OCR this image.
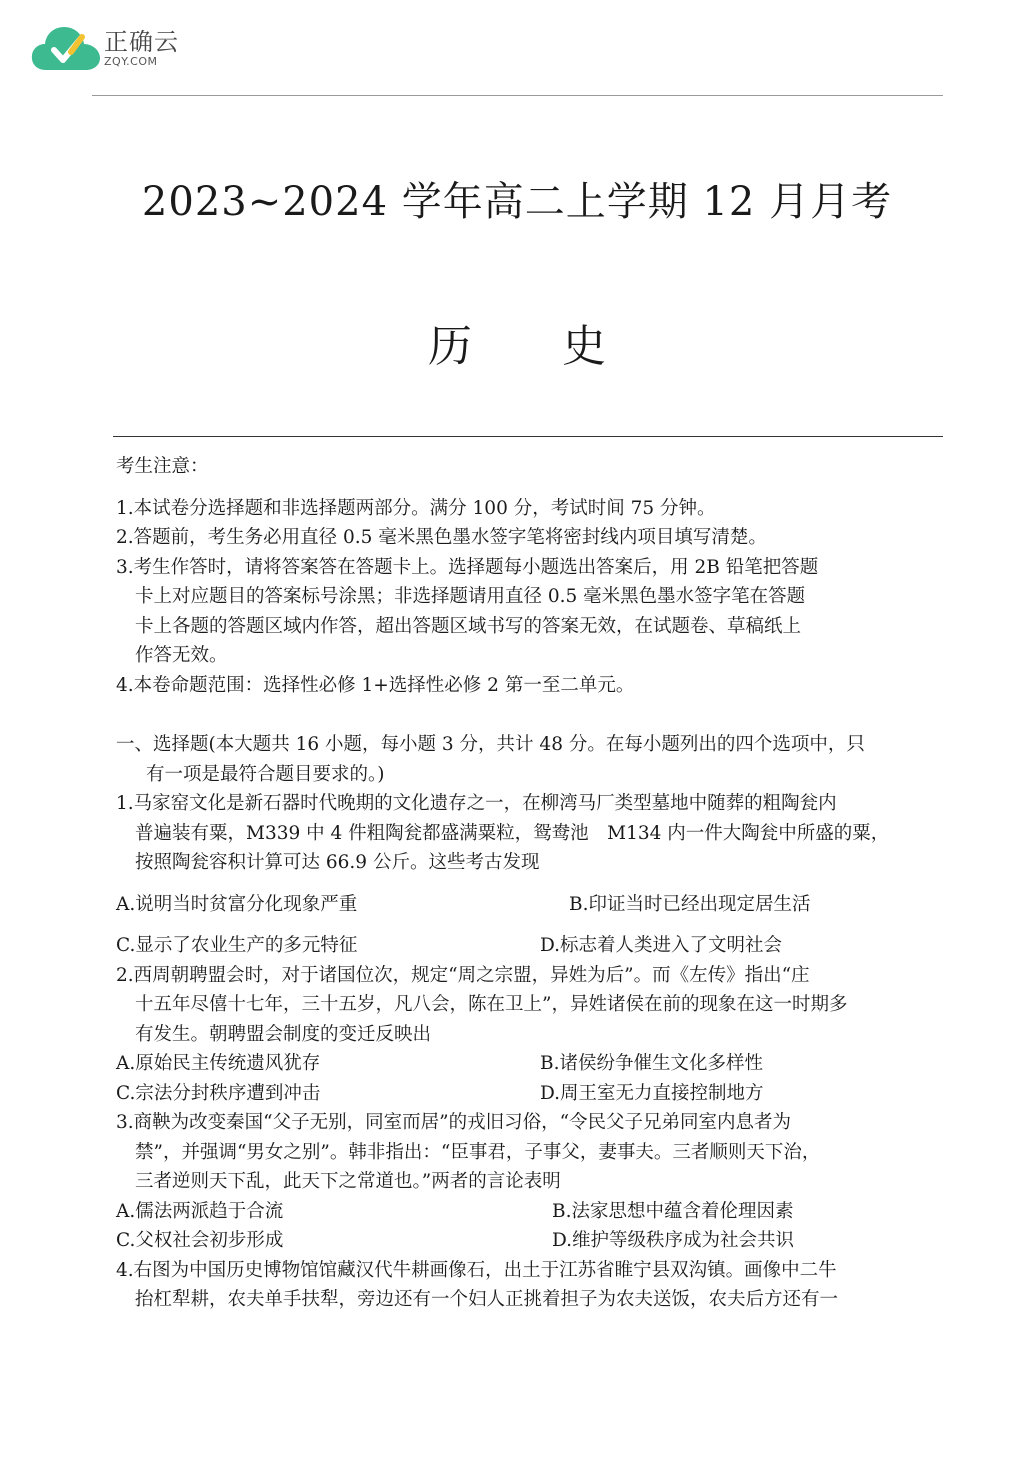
正确云
ZQY.COM
2023~2024 学年高二上学期 12 月月考
历史
考生注意：
1.本试卷分选择题和非选择题两部分。满分 100 分，考试时间 75 分钟。
2.答题前，考生务必用直径 0.5 毫米黑色墨水签字笔将密封线内项目填写清楚。
3.考生作答时，请将答案答在答题卡上。选择题每小题选出答案后，用 2B 铅笔把答题
卡上对应题目的答案标号涂黑；非选择题请用直径 0.5 毫米黑色墨水签字笔在答题
卡上各题的答题区域内作答，超出答题区域书写的答案无效，在试题卷、草稿纸上
作答无效。
4.本卷命题范围：选择性必修 1+选择性必修 2 第一至二单元。
一、选择题(本大题共 16 小题，每小题 3 分，共计 48 分。在每小题列出的四个选项中，只
有一项是最符合题目要求的。)
1.马家窑文化是新石器时代晚期的文化遗存之一，在柳湾马厂类型墓地中随葬的粗陶瓮内
普遍装有粟，M339 中 4 件粗陶瓮都盛满粟粒，鸳鸯池　M134 内一件大陶瓮中所盛的粟，
按照陶瓮容积计算可达 66.9 公斤。这些考古发现
A.说明当时贫富分化现象严重	B.印证当时已经出现定居生活
C.显示了农业生产的多元特征	D.标志着人类进入了文明社会
2.西周朝聘盟会时，对于诸国位次，规定“周之宗盟，异姓为后”。而《左传》指出“庄
十五年尽僖十七年，三十五岁，凡八会，陈在卫上”，异姓诸侯在前的现象在这一时期多
有发生。朝聘盟会制度的变迁反映出
A.原始民主传统遗风犹存	B.诸侯纷争催生文化多样性
C.宗法分封秩序遭到冲击	D.周王室无力直接控制地方
3.商鞅为改变秦国“父子无别，同室而居”的戎旧习俗，“令民父子兄弟同室内息者为
禁”，并强调“男女之别”。韩非指出：“臣事君，子事父，妻事夫。三者顺则天下治，
三者逆则天下乱，此天下之常道也。”两者的言论表明
A.儒法两派趋于合流	B.法家思想中蕴含着伦理因素
C.父权社会初步形成	D.维护等级秩序成为社会共识
4.右图为中国历史博物馆馆藏汉代牛耕画像石，出土于江苏省睢宁县双沟镇。画像中二牛
抬杠犁耕，农夫单手扶犁，旁边还有一个妇人正挑着担子为农夫送饭，农夫后方还有一
